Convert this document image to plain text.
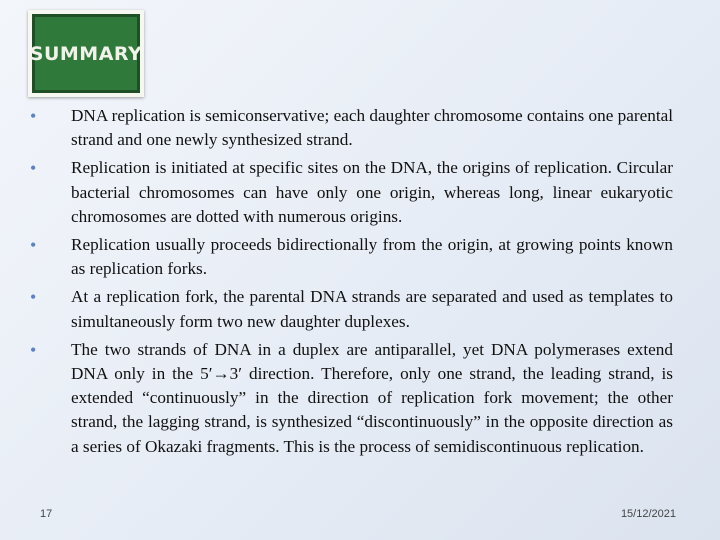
SUMMARY
•	DNA replication is semiconservative; each daughter chromosome contains one parental strand and one newly synthesized strand.
•	Replication is initiated at specific sites on the DNA, the origins of replication. Circular bacterial chromosomes can have only one origin, whereas long, linear eukaryotic chromosomes are dotted with numerous origins.
•	Replication usually proceeds bidirectionally from the origin, at growing points known as replication forks.
•	At a replication fork, the parental DNA strands are separated and used as templates to simultaneously form two new daughter duplexes.
•	The two strands of DNA in a duplex are antiparallel, yet DNA polymerases extend DNA only in the 5′→3′ direction. Therefore, only one strand, the leading strand, is extended “continuously” in the direction of replication fork movement; the other strand, the lagging strand, is synthesized “discontinuously” in the opposite direction as a series of Okazaki fragments. This is the process of semidiscontinuous replication.
17	15/12/2021
